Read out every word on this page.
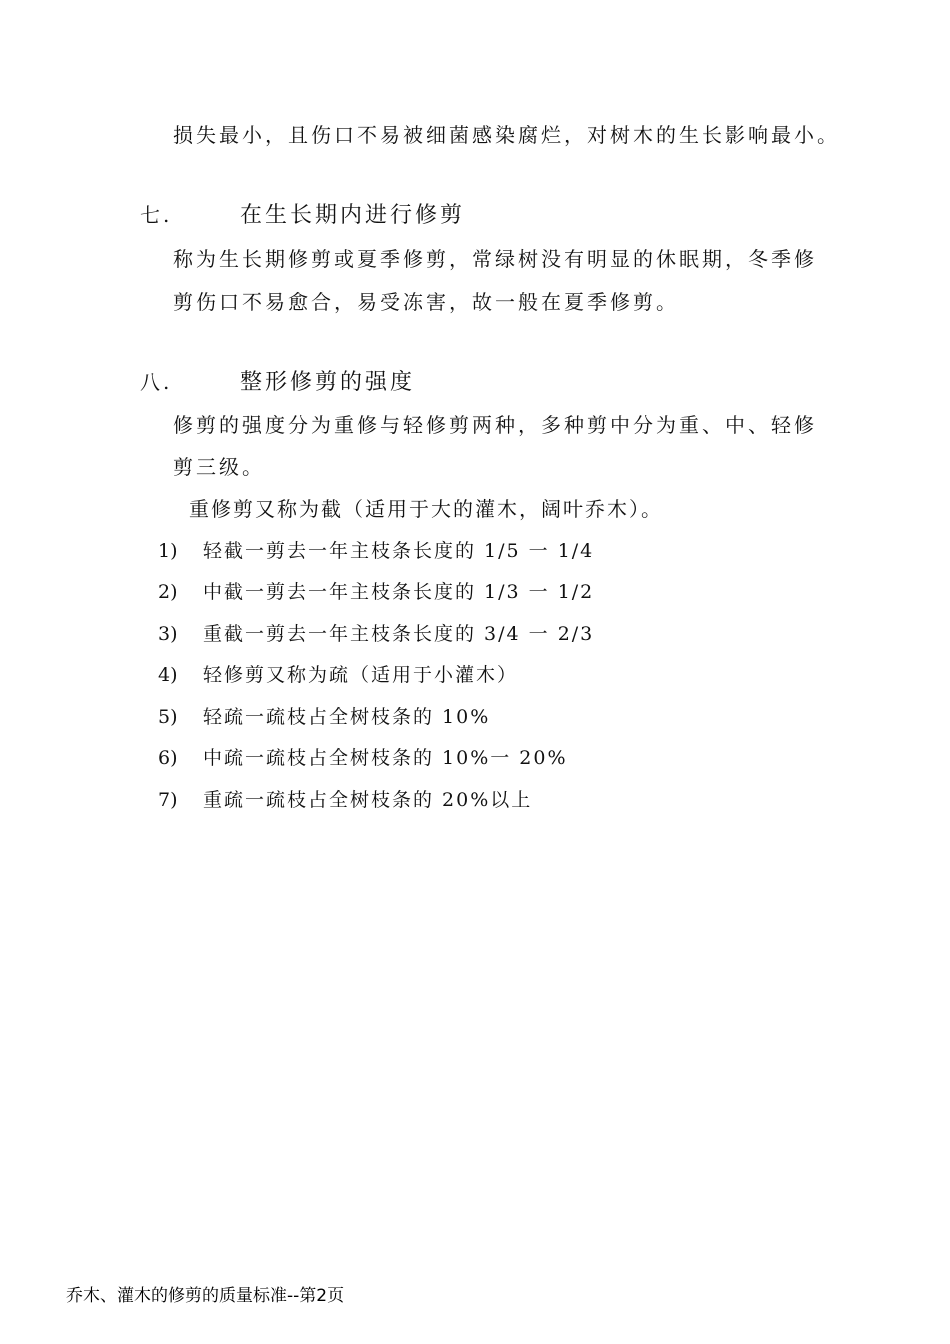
损失最小，且伤口不易被细菌感染腐烂，对树木的生长影响最小。
七.	在生长期内进行修剪
称为生长期修剪或夏季修剪，常绿树没有明显的休眠期，冬季修
剪伤口不易愈合，易受冻害，故一般在夏季修剪。
八.	整形修剪的强度
修剪的强度分为重修与轻修剪两种，多种剪中分为重、中、轻修
剪三级。
重修剪又称为截（适用于大的灌木，阔叶乔木）。
1) 轻截一剪去一年主枝条长度的 1/5 一 1/4
2) 中截一剪去一年主枝条长度的 1/3 一 1/2
3) 重截一剪去一年主枝条长度的 3/4 一 2/3
4) 轻修剪又称为疏（适用于小灌木）
5) 轻疏一疏枝占全树枝条的 10%
6) 中疏一疏枝占全树枝条的 10%一 20%
7) 重疏一疏枝占全树枝条的 20%以上
乔木、灌木的修剪的质量标准--第2页
